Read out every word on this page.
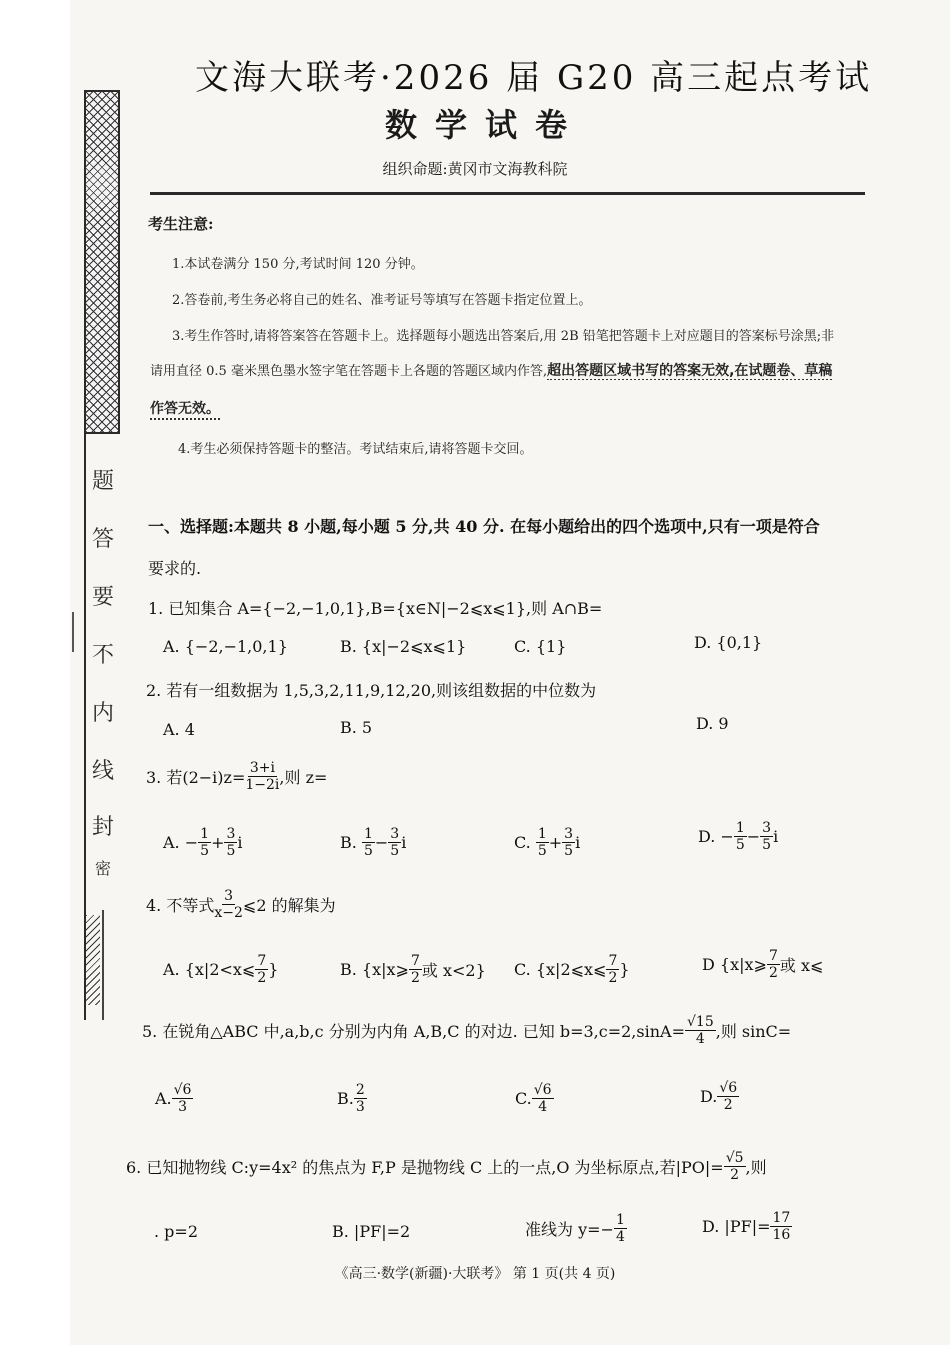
题
答
要
不
内
线
封
密
文海大联考·2026 届 G20 高三起点考试
数学试卷
组织命题:黄冈市文海教科院
考生注意:
1.本试卷满分 150 分,考试时间 120 分钟。
2.答卷前,考生务必将自己的姓名、准考证号等填写在答题卡指定位置上。
3.考生作答时,请将答案答在答题卡上。选择题每小题选出答案后,用 2B 铅笔把答题卡上对应题目的答案标号涂黑;非
请用直径 0.5 毫米黑色墨水签字笔在答题卡上各题的答题区域内作答,超出答题区域书写的答案无效,在试题卷、草稿
作答无效。
4.考生必须保持答题卡的整洁。考试结束后,请将答题卡交回。
一、选择题:本题共 8 小题,每小题 5 分,共 40 分. 在每小题给出的四个选项中,只有一项是符合
要求的.
1. 已知集合 A={−2,−1,0,1},B={x∈N|−2⩽x⩽1},则 A∩B=
A. {−2,−1,0,1}	B. {x|−2⩽x⩽1}	C. {1}	D. {0,1}
2. 若有一组数据为 1,5,3,2,11,9,12,20,则该组数据的中位数为
A. 4	B. 5	D. 9
3. 若$(2-i)z= \frac{3+i}{1-2i}$ ,则 z=
A. − $\frac{1}{5} + \frac{3}{5}$ i	B. $\frac{1}{5} - \frac{3}{5}$ i	C. $\frac{1}{5} + \frac{3}{5}$ i	D. − $\frac{1}{5} - \frac{3}{5}$ i
4. 不等式 $\frac{3}{x-2}$ ⩽2 的解集为
A. {x|2<x⩽ $\frac{7}{2}$ }	B. {x|x⩾ $\frac{7}{2}$ 或 x<2} C. {x|2⩽x⩽ $\frac{7}{2}$ }	D {x|x⩾ $\frac{7}{2}$ 或 x⩽
5. 在锐角△ABC 中,a,b,c 分别为内角 A,B,C 的对边. 已知 $b=3,c=2,\sin A= \frac{√15}{4}$ ,则 sinC=
A. $\frac{√6}{3}$	B. $\frac{2}{3}$	C. $\frac{√6}{4}$	D. $\frac{√6}{2}$
6. 已知抛物线 C:y=4x² 的焦点为 F,P 是抛物线 C 上的一点,O 为坐标原点,若$|PO|= \frac{√5}{2}$ ,则
. p=2	B. |PF|=2	准线为 $y=- \frac{1}{4}$	D. $|PF|= \frac{17}{16}$
《高三·数学(新疆)·大联考》 第 1 页(共 4 页)
